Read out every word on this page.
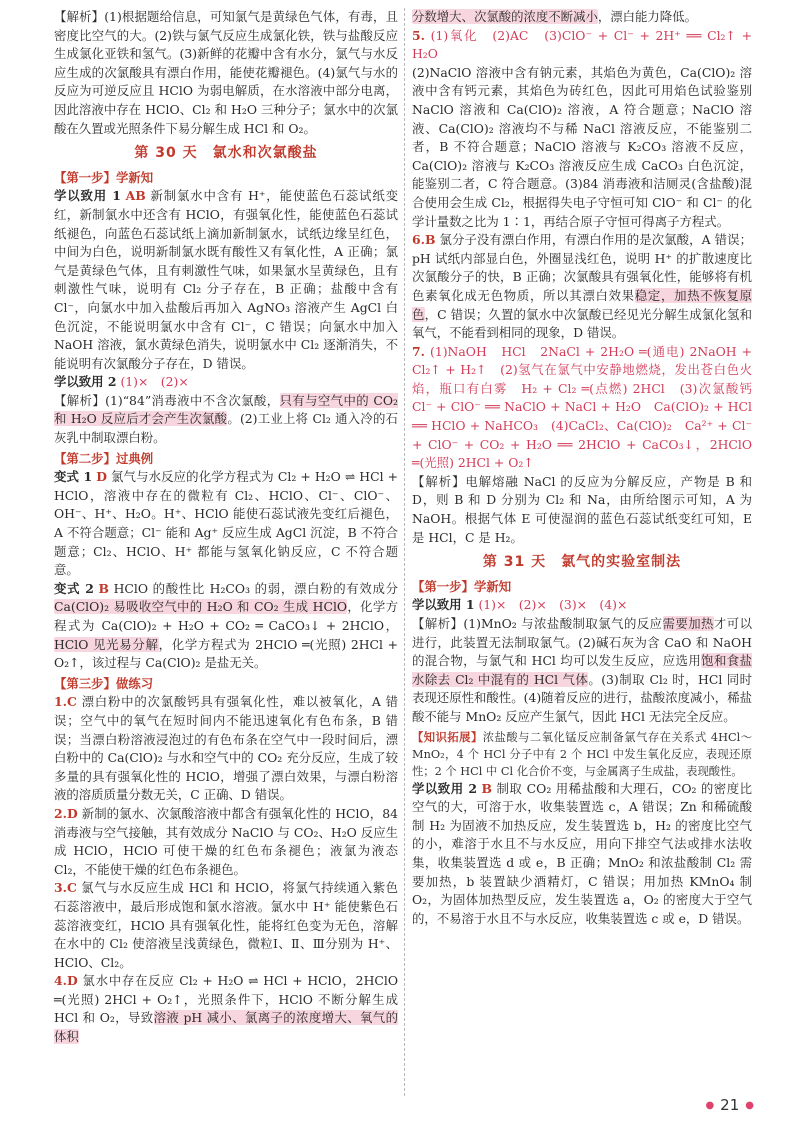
【解析】(1)根据题给信息，可知氯气是黄绿色气体，有毒，且密度比空气的大。(2)铁与氯气反应生成氯化铁，铁与盐酸反应生成氯化亚铁和氢气。(3)新鲜的花瓣中含有水分，氯气与水反应生成的次氯酸具有漂白作用，能使花瓣褪色。(4)氯气与水的反应为可逆反应且 HClO 为弱电解质，在水溶液中部分电离，因此溶液中存在 HClO、Cl₂ 和 H₂O 三种分子；氯水中的次氯酸在久置或光照条件下易分解生成 HCl 和 O₂。

第 30 天　氯水和次氯酸盐
【第一步】学新知

学以致用 1 AB 新制氯水中含有 H⁺，能使蓝色石蕊试纸变红，新制氯水中还含有 HClO，有强氧化性，能使蓝色石蕊试纸褪色，向蓝色石蕊试纸上滴加新制氯水，试纸边缘呈红色，中间为白色，说明新制氯水既有酸性又有氧化性，A 正确；氯气是黄绿色气体，且有刺激性气味，如果氯水呈黄绿色，且有刺激性气味，说明有 Cl₂ 分子存在，B 正确；盐酸中含有 Cl⁻，向氯水中加入盐酸后再加入 AgNO₃ 溶液产生 AgCl 白色沉淀，不能说明氯水中含有 Cl⁻，C 错误；向氯水中加入 NaOH 溶液，氯水黄绿色消失，说明氯水中 Cl₂ 逐渐消失，不能说明有次氯酸分子存在，D 错误。

学以致用 2 (1)×　(2)×

【解析】(1)“84”消毒液中不含次氯酸，只有与空气中的 CO₂ 和 H₂O 反应后才会产生次氯酸。(2)工业上将 Cl₂ 通入冷的石灰乳中制取漂白粉。

【第二步】过典例

变式 1 D 氯气与水反应的化学方程式为 Cl₂ + H₂O ⇌ HCl + HClO，溶液中存在的微粒有 Cl₂、HClO、Cl⁻、ClO⁻、OH⁻、H⁺、H₂O。H⁺、HClO 能使石蕊试液先变红后褪色，A 不符合题意；Cl⁻ 能和 Ag⁺ 反应生成 AgCl 沉淀，B 不符合题意；Cl₂、HClO、H⁺ 都能与氢氧化钠反应，C 不符合题意。

变式 2 B HClO 的酸性比 H₂CO₃ 的弱，漂白粉的有效成分 Ca(ClO)₂ 易吸收空气中的 H₂O 和 CO₂ 生成 HClO，化学方程式为 Ca(ClO)₂ + H₂O + CO₂ ═ CaCO₃↓ + 2HClO，HClO 见光易分解，化学方程式为 2HClO ═(光照) 2HCl + O₂↑，该过程与 Ca(ClO)₂ 是盐无关。

【第三步】做练习

1.C 漂白粉中的次氯酸钙具有强氧化性，难以被氧化，A 错误；空气中的氧气在短时间内不能迅速氧化有色布条，B 错误；当漂白粉溶液浸泡过的有色布条在空气中一段时间后，漂白粉中的 Ca(ClO)₂ 与水和空气中的 CO₂ 充分反应，生成了较多量的具有强氧化性的 HClO，增强了漂白效果，与漂白粉溶液的溶质质量分数无关，C 正确、D 错误。

2.D 新制的氯水、次氯酸溶液中都含有强氧化性的 HClO，84 消毒液与空气接触，其有效成分 NaClO 与 CO₂、H₂O 反应生成 HClO，HClO 可使干燥的红色布条褪色；液氯为液态 Cl₂，不能使干燥的红色布条褪色。

3.C 氯气与水反应生成 HCl 和 HClO，将氯气持续通入紫色石蕊溶液中，最后形成饱和氯水溶液。氯水中 H⁺ 能使紫色石蕊溶液变红，HClO 具有强氧化性，能将红色变为无色，溶解在水中的 Cl₂ 使溶液呈浅黄绿色，微粒Ⅰ、Ⅱ、Ⅲ分别为 H⁺、HClO、Cl₂。

4.D 氯水中存在反应 Cl₂ + H₂O ⇌ HCl + HClO，2HClO ═(光照) 2HCl + O₂↑，光照条件下，HClO 不断分解生成 HCl 和 O₂，导致溶液 pH 减小、氯离子的浓度增大、氧气的体积

分数增大、次氯酸的浓度不断减小，漂白能力降低。

5. (1)氧化　(2)AC　(3)ClO⁻ + Cl⁻ + 2H⁺ ══ Cl₂↑ + H₂O

(2)NaClO 溶液中含有钠元素，其焰色为黄色，Ca(ClO)₂ 溶液中含有钙元素，其焰色为砖红色，因此可用焰色试验鉴别 NaClO 溶液和 Ca(ClO)₂ 溶液，A 符合题意；NaClO 溶液、Ca(ClO)₂ 溶液均不与稀 NaCl 溶液反应，不能鉴别二者，B 不符合题意；NaClO 溶液与 K₂CO₃ 溶液不反应，Ca(ClO)₂ 溶液与 K₂CO₃ 溶液反应生成 CaCO₃ 白色沉淀，能鉴别二者，C 符合题意。(3)84 消毒液和洁厕灵(含盐酸)混合使用会生成 Cl₂，根据得失电子守恒可知 ClO⁻ 和 Cl⁻ 的化学计量数之比为 1∶1，再结合原子守恒可得离子方程式。

6.B 氯分子没有漂白作用，有漂白作用的是次氯酸，A 错误；pH 试纸内部显白色，外圈显浅红色，说明 H⁺ 的扩散速度比次氯酸分子的快，B 正确；次氯酸具有强氧化性，能够将有机色素氧化成无色物质，所以其漂白效果稳定，加热不恢复原色，C 错误；久置的氯水中次氯酸已经见光分解生成氯化氢和氧气，不能看到相同的现象，D 错误。

7. (1)NaOH　HCl　2NaCl + 2H₂O ═(通电) 2NaOH + Cl₂↑ + H₂↑　(2)氢气在氯气中安静地燃烧，发出苍白色火焰，瓶口有白雾　H₂ + Cl₂ ═(点燃) 2HCl　(3)次氯酸钙　Cl⁻ + ClO⁻ ══ NaClO + NaCl + H₂O　Ca(ClO)₂ + HCl ══ HClO + NaHCO₃　(4)CaCl₂、Ca(ClO)₂　Ca²⁺ + Cl⁻ + ClO⁻ + CO₂ + H₂O ══ 2HClO + CaCO₃↓，2HClO ═(光照) 2HCl + O₂↑

【解析】电解熔融 NaCl 的反应为分解反应，产物是 B 和 D，则 B 和 D 分别为 Cl₂ 和 Na，由所给图示可知，A 为 NaOH。根据气体 E 可使湿润的蓝色石蕊试纸变红可知，E 是 HCl，C 是 H₂。

第 31 天　氯气的实验室制法
【第一步】学新知

学以致用 1 (1)×　(2)×　(3)×　(4)×

【解析】(1)MnO₂ 与浓盐酸制取氯气的反应需要加热才可以进行，此装置无法制取氯气。(2)碱石灰为含 CaO 和 NaOH 的混合物，与氯气和 HCl 均可以发生反应，应选用饱和食盐水除去 Cl₂ 中混有的 HCl 气体。(3)制取 Cl₂ 时，HCl 同时表现还原性和酸性。(4)随着反应的进行，盐酸浓度减小，稀盐酸不能与 MnO₂ 反应产生氯气，因此 HCl 无法完全反应。

【知识拓展】浓盐酸与二氧化锰反应制备氯气存在关系式 4HCl～MnO₂，4 个 HCl 分子中有 2 个 HCl 中发生氧化反应，表现还原性；2 个 HCl 中 Cl 化合价不变，与金属离子生成盐，表现酸性。

学以致用 2 B 制取 CO₂ 用稀盐酸和大理石，CO₂ 的密度比空气的大，可溶于水，收集装置选 c，A 错误；Zn 和稀硫酸制 H₂ 为固液不加热反应，发生装置选 b，H₂ 的密度比空气的小，难溶于水且不与水反应，用向下排空气法或排水法收集，收集装置选 d 或 e，B 正确；MnO₂ 和浓盐酸制 Cl₂ 需要加热，b 装置缺少酒精灯，C 错误；用加热 KMnO₄ 制 O₂，为固体加热型反应，发生装置选 a，O₂ 的密度大于空气的，不易溶于水且不与水反应，收集装置选 c 或 e，D 错误。

● 21 ●
